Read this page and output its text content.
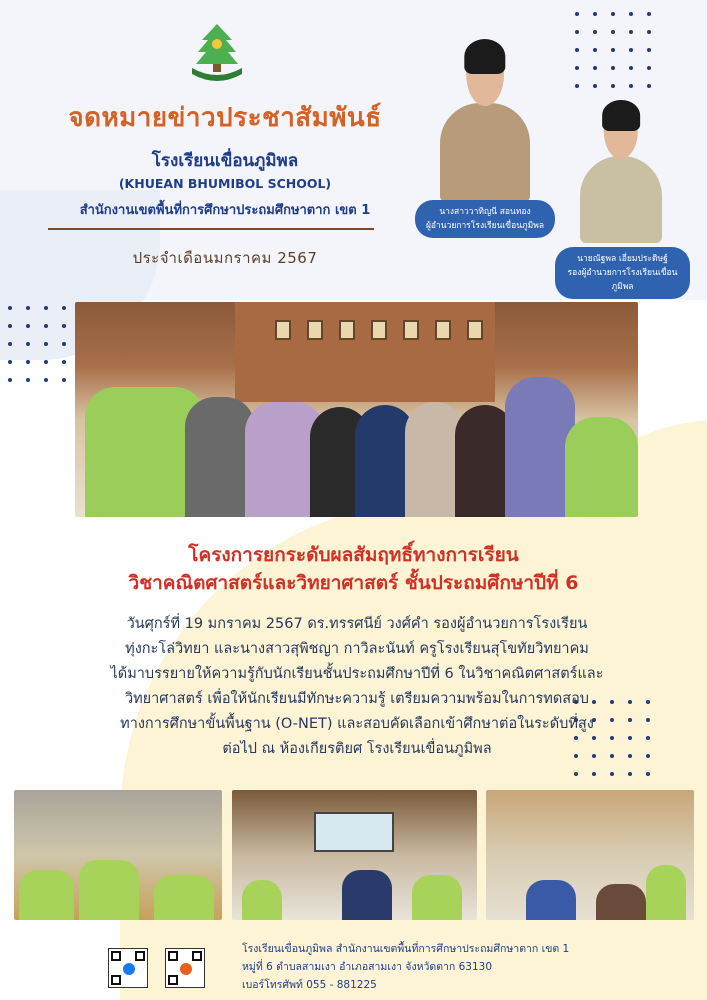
จดหมายข่าวประชาสัมพันธ์
โรงเรียนเขื่อนภูมิพล
(KHUEAN BHUMIBOL SCHOOL)
สำนักงานเขตพื้นที่การศึกษาประถมศึกษาตาก เขต 1
ประจำเดือนมกราคม 2567
นางสาววาทิญนี สอนทอง
ผู้อำนวยการโรงเรียนเขื่อนภูมิพล
นายณัฐพล เอี่ยมประดิษฐ์
รองผู้อำนวยการโรงเรียนเขื่อนภูมิพล
โครงการยกระดับผลสัมฤทธิ์ทางการเรียน
วิชาคณิตศาสตร์และวิทยาศาสตร์ ชั้นประถมศึกษาปีที่ 6

วันศุกร์ที่ 19 มกราคม 2567 ดร.ทรรศนีย์ วงศ์คำ รองผู้อำนวยการโรงเรียน

ทุ่งกะโล่วิทยา และนางสาวสุพิชญา กาวิละนันท์ ครูโรงเรียนสุโขทัยวิทยาคม

ได้มาบรรยายให้ความรู้กับนักเรียนชั้นประถมศึกษาปีที่ 6 ในวิชาคณิตศาสตร์และ

วิทยาศาสตร์ เพื่อให้นักเรียนมีทักษะความรู้ เตรียมความพร้อมในการทดสอบ

ทางการศึกษาขั้นพื้นฐาน (O-NET) และสอบคัดเลือกเข้าศึกษาต่อในระดับที่สูง

ต่อไป ณ ห้องเกียรติยศ โรงเรียนเขื่อนภูมิพล

โรงเรียนเขื่อนภูมิพล สำนักงานเขตพื้นที่การศึกษาประถมศึกษาตาก เขต 1
หมู่ที่ 6 ตำบลสามเงา อำเภอสามเงา จังหวัดตาก 63130
เบอร์โทรศัพท์ 055 - 881225
